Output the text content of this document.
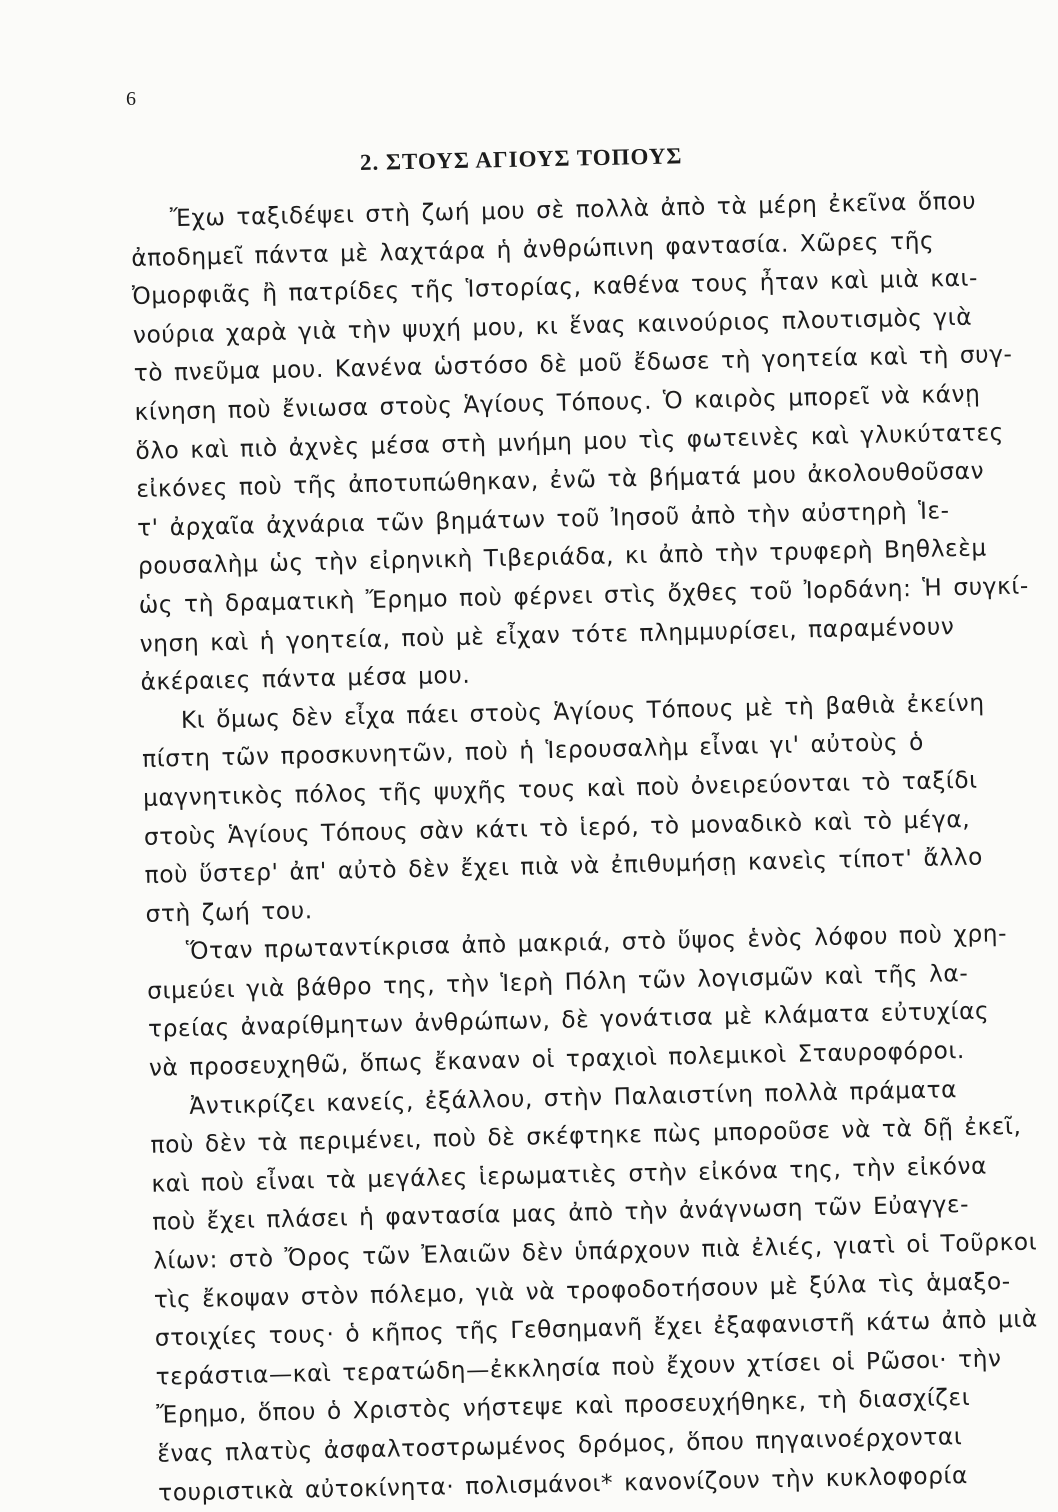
6
2. ΣΤΟΥΣ ΑΓΙΟΥΣ ΤΟΠΟΥΣ
Ἔχω ταξιδέψει στὴ ζωή μου σὲ πολλὰ ἀπὸ τὰ μέρη ἐκεῖνα ὅπου
ἀποδημεῖ πάντα μὲ λαχτάρα ἡ ἀνθρώπινη φαντασία. Χῶρες τῆς
Ὀμορφιᾶς ἢ πατρίδες τῆς Ἱστορίας, καθένα τους ἦταν καὶ μιὰ και-
νούρια χαρὰ γιὰ τὴν ψυχή μου, κι ἕνας καινούριος πλουτισμὸς γιὰ
τὸ πνεῦμα μου. Κανένα ὡστόσο δὲ μοῦ ἔδωσε τὴ γοητεία καὶ τὴ συγ-
κίνηση ποὺ ἔνιωσα στοὺς Ἁγίους Τόπους. Ὁ καιρὸς μπορεῖ νὰ κάνῃ
ὅλο καὶ πιὸ ἀχνὲς μέσα στὴ μνήμη μου τὶς φωτεινὲς καὶ γλυκύτατες
εἰκόνες ποὺ τῆς ἀποτυπώθηκαν, ἐνῶ τὰ βήματά μου ἀκολουθοῦσαν
τ' ἀρχαῖα ἀχνάρια τῶν βημάτων τοῦ Ἰησοῦ ἀπὸ τὴν αὐστηρὴ Ἱε-
ρουσαλὴμ ὡς τὴν εἰρηνικὴ Τιβεριάδα, κι ἀπὸ τὴν τρυφερὴ Βηθλεὲμ
ὡς τὴ δραματικὴ Ἔρημο ποὺ φέρνει στὶς ὄχθες τοῦ Ἰορδάνη: Ἡ συγκί-
νηση καὶ ἡ γοητεία, ποὺ μὲ εἶχαν τότε πλημμυρίσει, παραμένουν
ἀκέραιες πάντα μέσα μου.
Κι ὅμως δὲν εἶχα πάει στοὺς Ἁγίους Τόπους μὲ τὴ βαθιὰ ἐκείνη
πίστη τῶν προσκυνητῶν, ποὺ ἡ Ἱερουσαλὴμ εἶναι γι' αὐτοὺς ὁ
μαγνητικὸς πόλος τῆς ψυχῆς τους καὶ ποὺ ὀνειρεύονται τὸ ταξίδι
στοὺς Ἁγίους Τόπους σὰν κάτι τὸ ἱερό, τὸ μοναδικὸ καὶ τὸ μέγα,
ποὺ ὕστερ' ἀπ' αὐτὸ δὲν ἔχει πιὰ νὰ ἐπιθυμήσῃ κανεὶς τίποτ' ἄλλο
στὴ ζωή του.
Ὅταν πρωταντίκρισα ἀπὸ μακριά, στὸ ὕψος ἑνὸς λόφου ποὺ χρη-
σιμεύει γιὰ βάθρο της, τὴν Ἱερὴ Πόλη τῶν λογισμῶν καὶ τῆς λα-
τρείας ἀναρίθμητων ἀνθρώπων, δὲ γονάτισα μὲ κλάματα εὐτυχίας
νὰ προσευχηθῶ, ὅπως ἔκαναν οἱ τραχιοὶ πολεμικοὶ Σταυροφόροι.
Ἀντικρίζει κανείς, ἐξάλλου, στὴν Παλαιστίνη πολλὰ πράματα
ποὺ δὲν τὰ περιμένει, ποὺ δὲ σκέφτηκε πὼς μποροῦσε νὰ τὰ δῇ ἐκεῖ,
καὶ ποὺ εἶναι τὰ μεγάλες ἱερωματιὲς στὴν εἰκόνα της, τὴν εἰκόνα
ποὺ ἔχει πλάσει ἡ φαντασία μας ἀπὸ τὴν ἀνάγνωση τῶν Εὐαγγε-
λίων: στὸ Ὄρος τῶν Ἐλαιῶν δὲν ὑπάρχουν πιὰ ἐλιές, γιατὶ οἱ Τοῦρκοι
τὶς ἔκοψαν στὸν πόλεμο, γιὰ νὰ τροφοδοτήσουν μὲ ξύλα τὶς ἁμαξο-
στοιχίες τους· ὁ κῆπος τῆς Γεθσημανῆ ἔχει ἐξαφανιστῆ κάτω ἀπὸ μιὰ
τεράστια—καὶ τερατώδη—ἐκκλησία ποὺ ἔχουν χτίσει οἱ Ρῶσοι· τὴν
Ἔρημο, ὅπου ὁ Χριστὸς νήστεψε καὶ προσευχήθηκε, τὴ διασχίζει
ἕνας πλατὺς ἀσφαλτοστρωμένος δρόμος, ὅπου πηγαινοέρχονται
τουριστικὰ αὐτοκίνητα· πολισμάνοι* κανονίζουν τὴν κυκλοφορία
